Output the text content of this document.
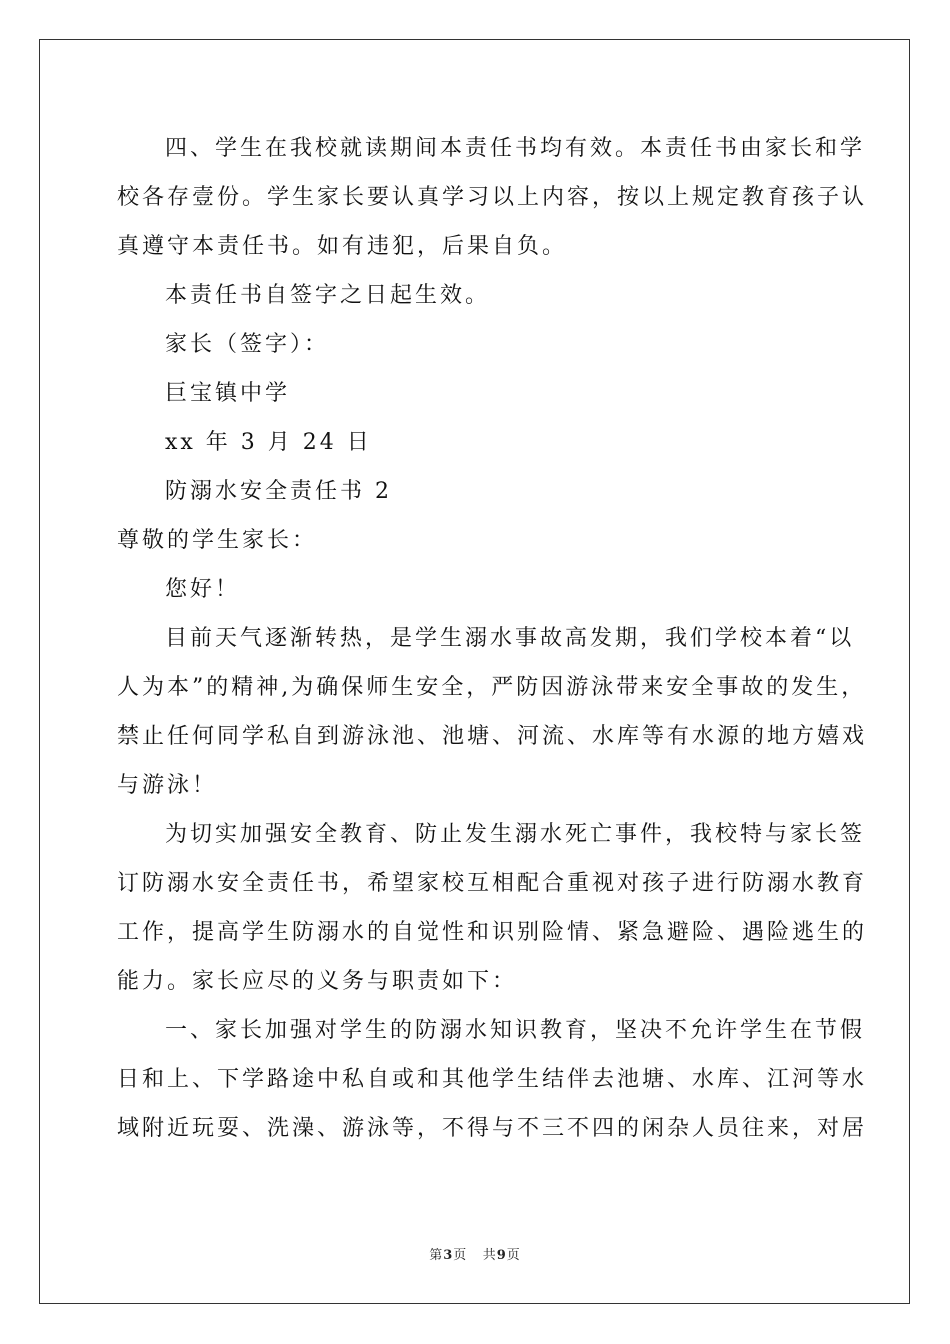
四、学生在我校就读期间本责任书均有效。本责任书由家长和学

校各存壹份。学生家长要认真学习以上内容，按以上规定教育孩子认

真遵守本责任书。如有违犯，后果自负。

本责任书自签字之日起生效。

家长（签字）：

巨宝镇中学

xx 年 3 月 24 日

防溺水安全责任书 2

尊敬的学生家长：

您好！

目前天气逐渐转热，是学生溺水事故高发期，我们学校本着“以

人为本”的精神,为确保师生安全，严防因游泳带来安全事故的发生，

禁止任何同学私自到游泳池、池塘、河流、水库等有水源的地方嬉戏

与游泳！

为切实加强安全教育、防止发生溺水死亡事件，我校特与家长签

订防溺水安全责任书，希望家校互相配合重视对孩子进行防溺水教育

工作，提高学生防溺水的自觉性和识别险情、紧急避险、遇险逃生的

能力。家长应尽的义务与职责如下：

一、家长加强对学生的防溺水知识教育，坚决不允许学生在节假

日和上、下学路途中私自或和其他学生结伴去池塘、水库、江河等水

域附近玩耍、洗澡、游泳等，不得与不三不四的闲杂人员往来，对居

第3页 共9页
